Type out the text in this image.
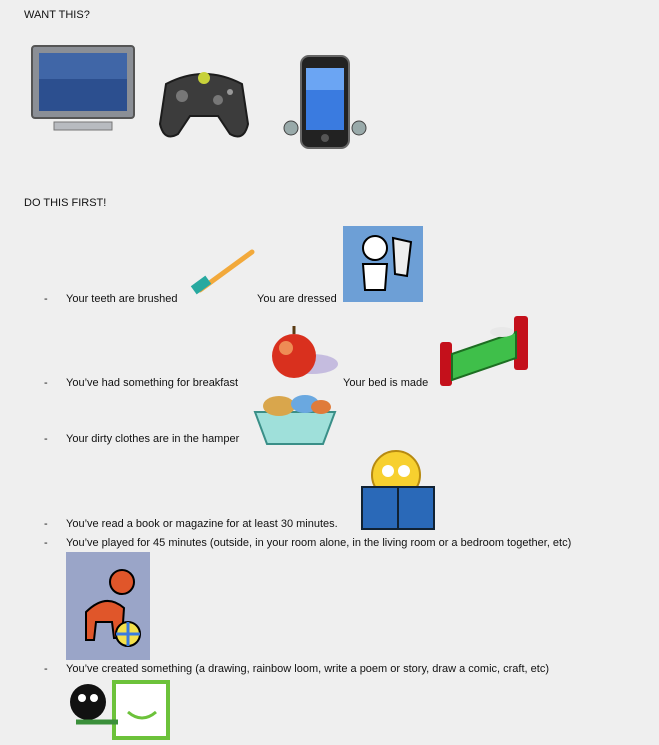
WANT THIS?
DO THIS FIRST!
- Your teeth are brushed	You are dressed
- You’ve had something for breakfast	Your bed is made
- Your dirty clothes are in the hamper
- You’ve read a book or magazine for at least 30 minutes.
- You’ve played for 45 minutes (outside, in your room alone, in the living room or a bedroom together, etc)
- You’ve created something (a drawing, rainbow loom, write a poem or story, draw a comic, craft, etc)
